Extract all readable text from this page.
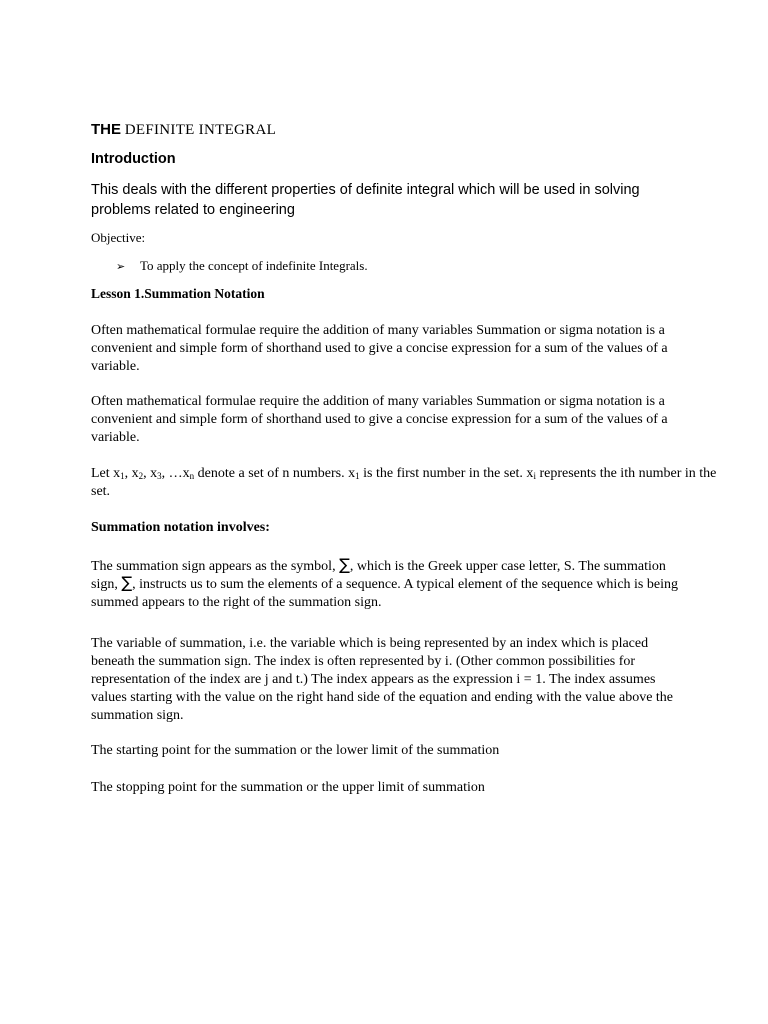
THE DEFINITE INTEGRAL

Introduction

This deals with the different properties of definite integral which will be used in solving problems related to engineering

Objective:

➢ To apply the concept of indefinite Integrals.

Lesson 1.Summation Notation

Often mathematical formulae require the addition of many variables Summation or sigma notation is a convenient and simple form of shorthand used to give a concise expression for a sum of the values of a variable.

Often mathematical formulae require the addition of many variables Summation or sigma notation is a convenient and simple form of shorthand used to give a concise expression for a sum of the values of a variable.

Let $x_1$, $x_2$, $x_3$, $\dots x_n$ denote a set of n numbers. $x_1$ is the first number in the set. $x_i$ represents the ith number in the set.

Summation notation involves:

The summation sign appears as the symbol, ∑, which is the Greek upper case letter, S. The summation sign, ∑, instructs us to sum the elements of a sequence. A typical element of the sequence which is being summed appears to the right of the summation sign.

The variable of summation, i.e. the variable which is being represented by an index which is placed beneath the summation sign. The index is often represented by i. (Other common possibilities for representation of the index are j and t.) The index appears as the expression i = 1. The index assumes values starting with the value on the right hand side of the equation and ending with the value above the summation sign.

The starting point for the summation or the lower limit of the summation

The stopping point for the summation or the upper limit of summation
